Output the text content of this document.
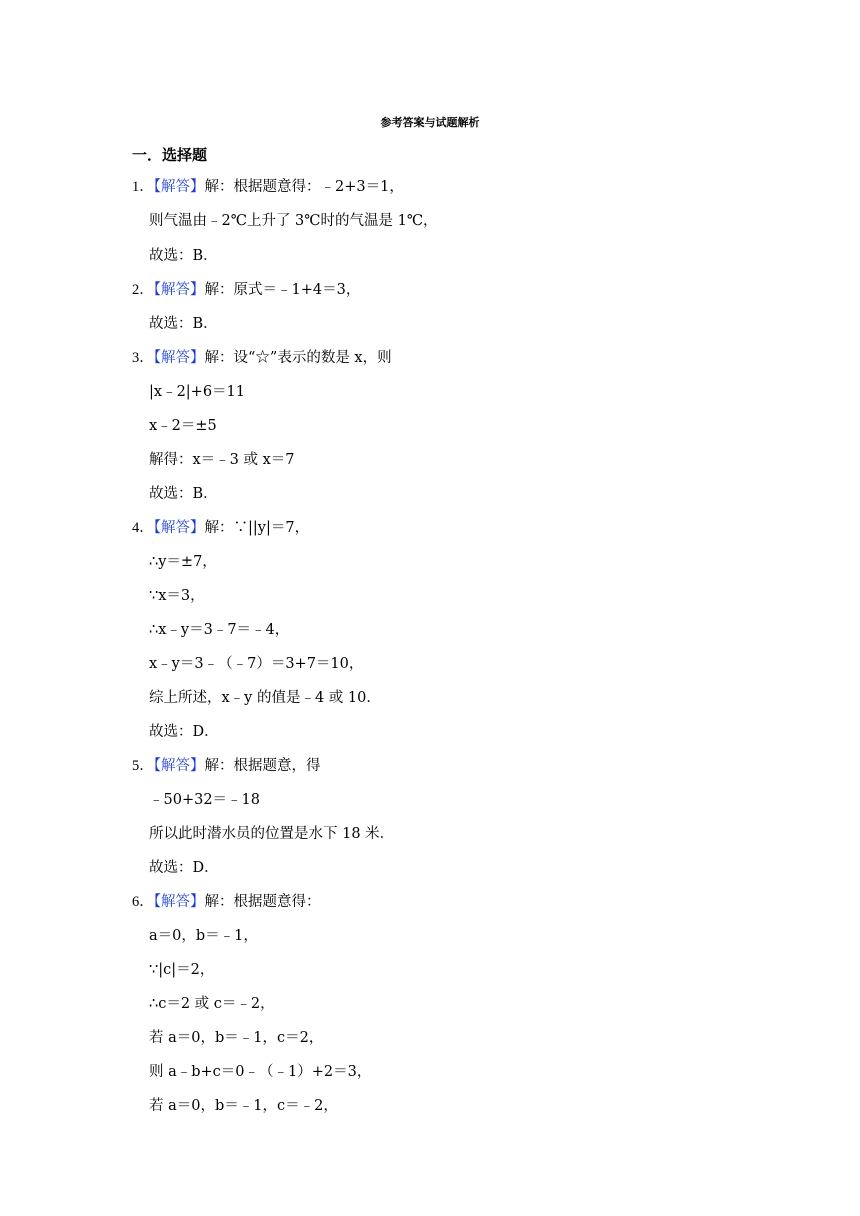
参考答案与试题解析
一．选择题
1．【解答】解：根据题意得：﹣2+3＝1，
则气温由﹣2℃上升了 3℃时的气温是 1℃，
故选：B．
2．【解答】解：原式＝﹣1+4＝3，
故选：B．
3．【解答】解：设“☆”表示的数是 x，则
|x﹣2|+6＝11
x﹣2＝±5
解得：x＝﹣3 或 x＝7
故选：B．
4．【解答】解：∵||y|＝7，
∴y＝±7，
∵x＝3，
∴x﹣y＝3﹣7＝﹣4，
x﹣y＝3﹣（﹣7）＝3+7＝10，
综上所述，x﹣y 的值是﹣4 或 10．
故选：D．
5．【解答】解：根据题意，得
﹣50+32＝﹣18
所以此时潜水员的位置是水下 18 米．
故选：D．
6．【解答】解：根据题意得：
a＝0，b＝﹣1，
∵|c|＝2，
∴c＝2 或 c＝﹣2，
若 a＝0，b＝﹣1，c＝2，
则 a﹣b+c＝0﹣（﹣1）+2＝3，
若 a＝0，b＝﹣1，c＝﹣2，
